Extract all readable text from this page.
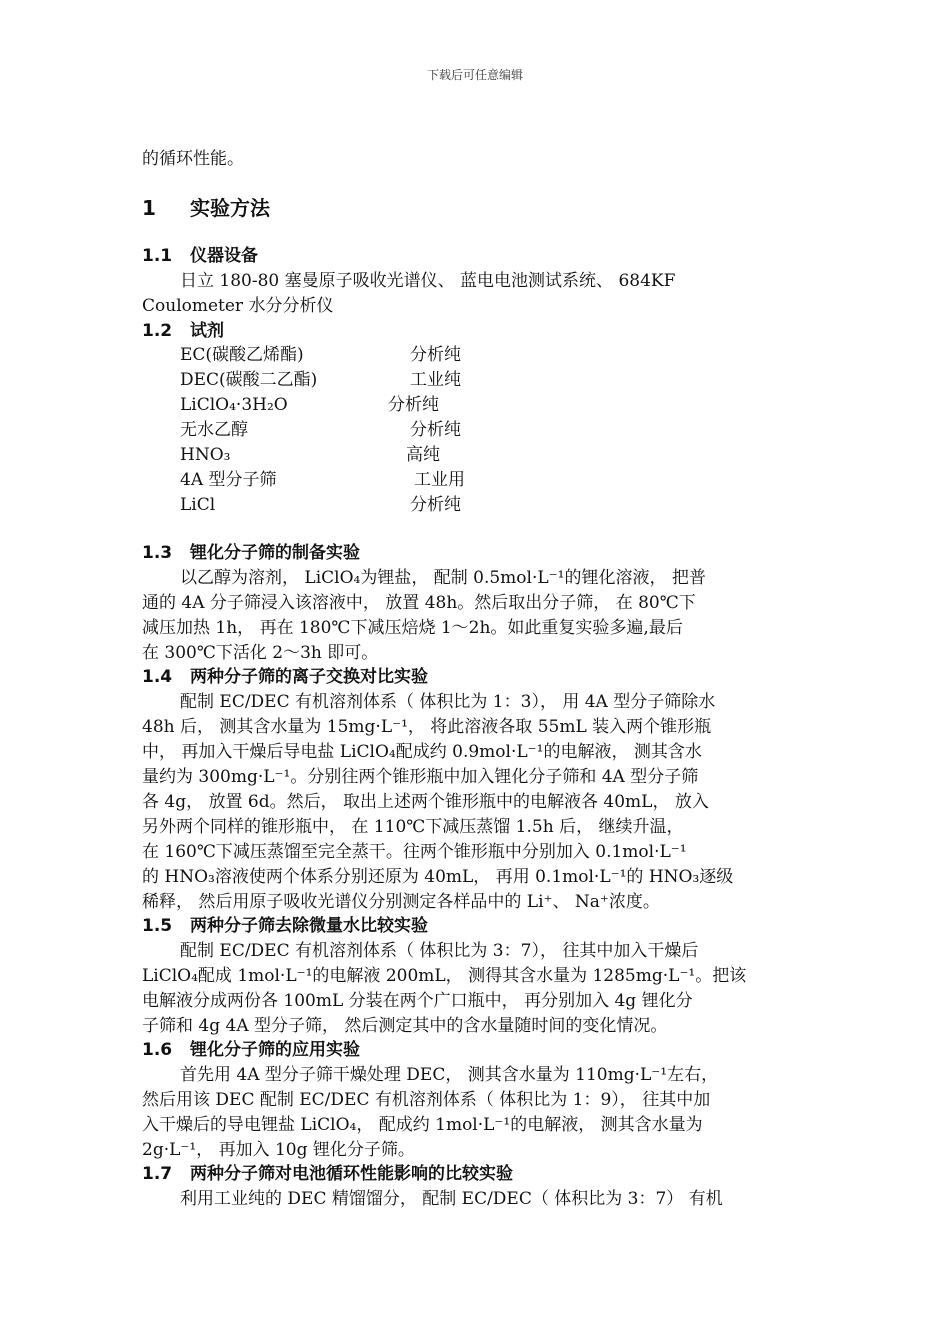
下载后可任意编辑
的循环性能。
1 实验方法
1.1 仪器设备
日立 180-80 塞曼原子吸收光谱仪、 蓝电电池测试系统、 684KF
Coulometer 水分分析仪
1.2 试剂
EC(碳酸乙烯酯)	分析纯
DEC(碳酸二乙酯)	工业纯
LiClO₄·3H₂O	分析纯
无水乙醇	分析纯
HNO₃	高纯
4A 型分子筛	工业用
LiCl	分析纯
1.3 锂化分子筛的制备实验
以乙醇为溶剂， LiClO₄为锂盐， 配制 0.5mol·L⁻¹的锂化溶液， 把普
通的 4A 分子筛浸入该溶液中， 放置 48h。然后取出分子筛， 在 80℃下
减压加热 1h， 再在 180℃下减压焙烧 1～2h。如此重复实验多遍,最后
在 300℃下活化 2～3h 即可。
1.4 两种分子筛的离子交换对比实验
配制 EC/DEC 有机溶剂体系（ 体积比为 1：3）， 用 4A 型分子筛除水
48h 后， 测其含水量为 15mg·L⁻¹， 将此溶液各取 55mL 装入两个锥形瓶
中， 再加入干燥后导电盐 LiClO₄配成约 0.9mol·L⁻¹的电解液， 测其含水
量约为 300mg·L⁻¹。分别往两个锥形瓶中加入锂化分子筛和 4A 型分子筛
各 4g， 放置 6d。然后， 取出上述两个锥形瓶中的电解液各 40mL， 放入
另外两个同样的锥形瓶中， 在 110℃下减压蒸馏 1.5h 后， 继续升温，
在 160℃下减压蒸馏至完全蒸干。往两个锥形瓶中分别加入 0.1mol·L⁻¹
的 HNO₃溶液使两个体系分别还原为 40mL， 再用 0.1mol·L⁻¹的 HNO₃逐级
稀释， 然后用原子吸收光谱仪分别测定各样品中的 Li⁺、 Na⁺浓度。
1.5 两种分子筛去除微量水比较实验
配制 EC/DEC 有机溶剂体系（ 体积比为 3：7）， 往其中加入干燥后
LiClO₄配成 1mol·L⁻¹的电解液 200mL， 测得其含水量为 1285mg·L⁻¹。把该
电解液分成两份各 100mL 分装在两个广口瓶中， 再分别加入 4g 锂化分
子筛和 4g 4A 型分子筛， 然后测定其中的含水量随时间的变化情况。
1.6 锂化分子筛的应用实验
首先用 4A 型分子筛干燥处理 DEC， 测其含水量为 110mg·L⁻¹左右，
然后用该 DEC 配制 EC/DEC 有机溶剂体系（ 体积比为 1：9）， 往其中加
入干燥后的导电锂盐 LiClO₄， 配成约 1mol·L⁻¹的电解液， 测其含水量为
2g·L⁻¹， 再加入 10g 锂化分子筛。
1.7 两种分子筛对电池循环性能影响的比较实验
利用工业纯的 DEC 精馏馏分， 配制 EC/DEC（ 体积比为 3：7） 有机
